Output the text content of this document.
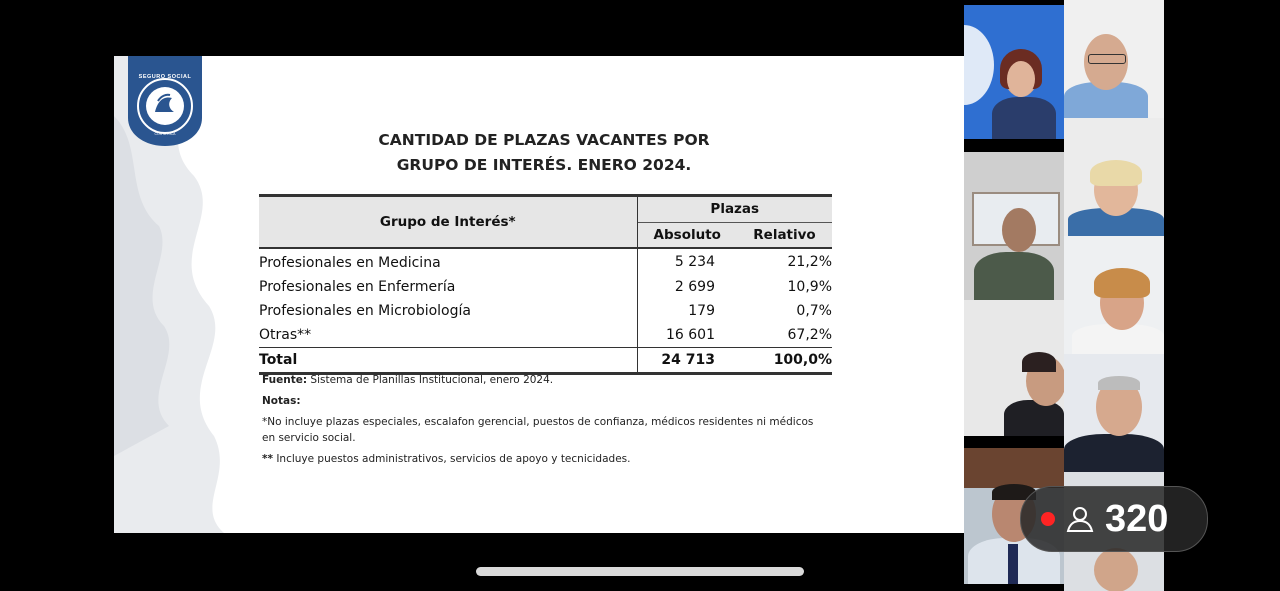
SEGURO SOCIAL
COSTA RICA	CANTIDAD DE PLAZAS VACANTES POR
GRUPO DE INTERÉS. ENERO 2024.
Grupo de Interés*	Plazas	
	Absoluto	Relativo
Profesionales en Medicina	5 234	21,2%
Profesionales en Enfermería	2 699	10,9%
Profesionales en Microbiología	179	0,7%
Otras**	16 601	67,2%
Total	24 713	100,0%

Fuente: Sistema de Planillas Institucional, enero 2024.

Notas:

*No incluye plazas especiales, escalafon gerencial, puestos de confianza, médicos residentes ni médicos en servicio social.

** Incluye puestos administrativos, servicios de apoyo y tecnicidades.

320
